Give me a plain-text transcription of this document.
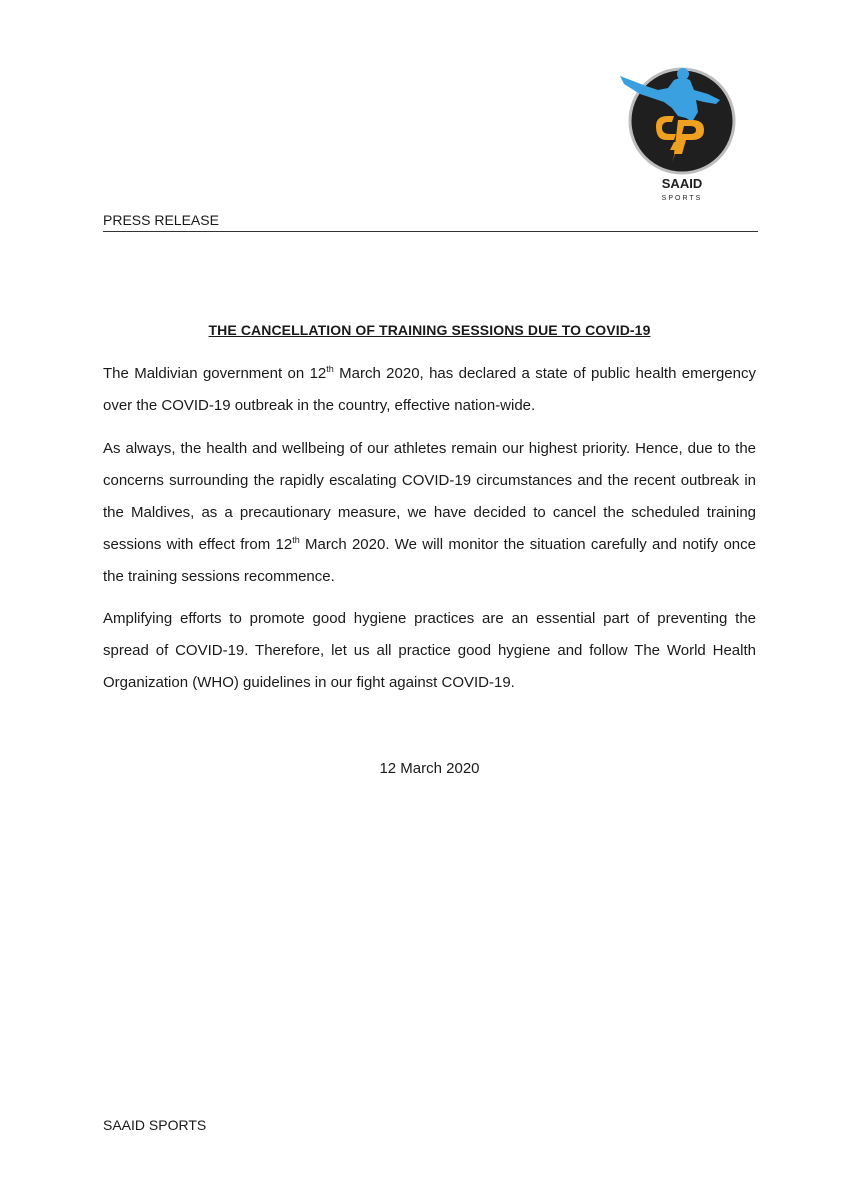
SAAID
SPORTS
PRESS RELEASE
THE CANCELLATION OF TRAINING SESSIONS DUE TO COVID-19

The Maldivian government on 12th March 2020, has declared a state of public health emergency over the COVID-19 outbreak in the country, effective nation-wide.

As always, the health and wellbeing of our athletes remain our highest priority. Hence, due to the concerns surrounding the rapidly escalating COVID-19 circumstances and the recent outbreak in the Maldives, as a precautionary measure, we have decided to cancel the scheduled training sessions with effect from 12th March 2020. We will monitor the situation carefully and notify once the training sessions recommence.

Amplifying efforts to promote good hygiene practices are an essential part of preventing the spread of COVID-19. Therefore, let us all practice good hygiene and follow The World Health Organization (WHO) guidelines in our fight against COVID-19.

12 March 2020
SAAID SPORTS
